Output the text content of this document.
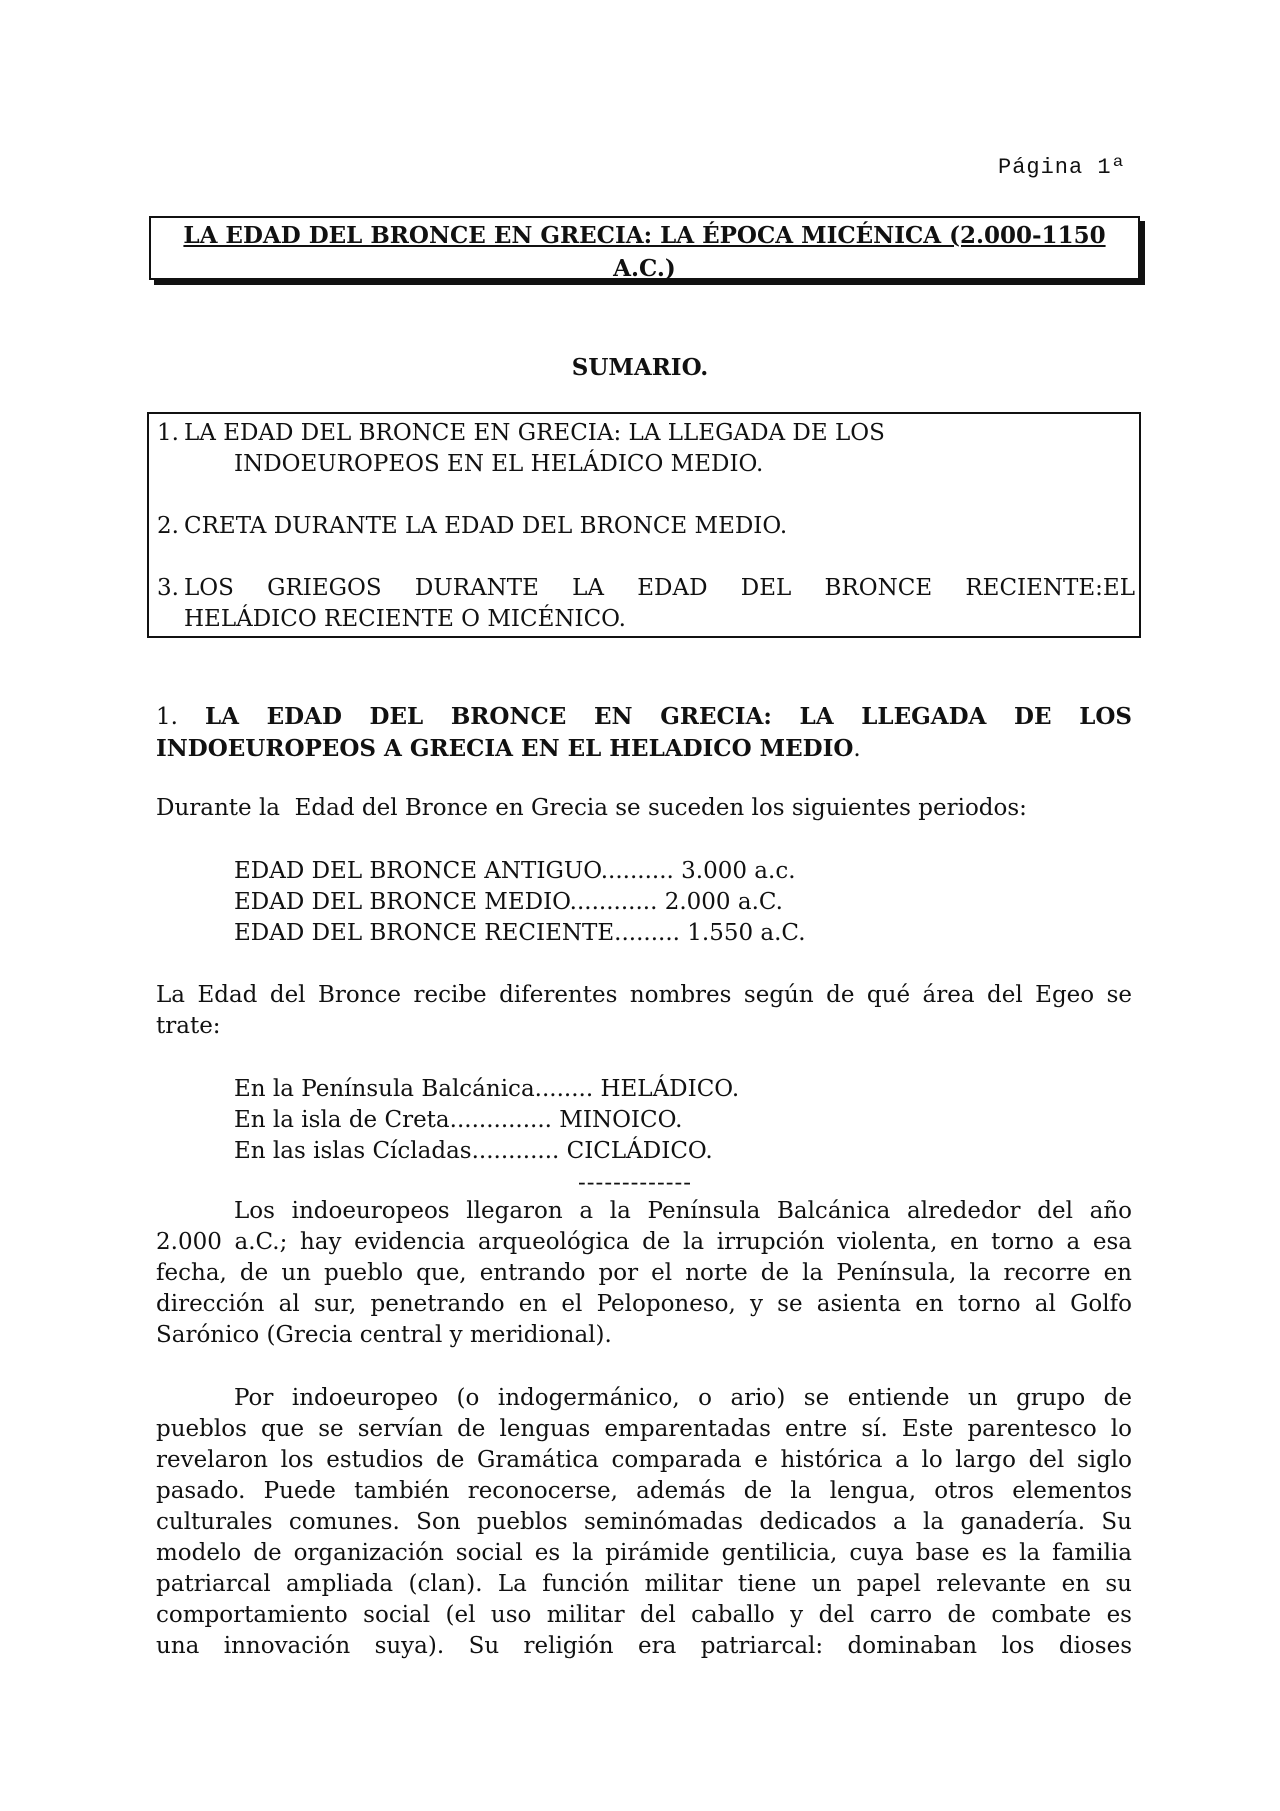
Página 1ª
LA EDAD DEL BRONCE EN GRECIA: LA ÉPOCA MICÉNICA (2.000-1150
A.C.)
SUMARIO.
1. LA EDAD DEL BRONCE EN GRECIA: LA LLEGADA DE LOS
INDOEUROPEOS EN EL HELÁDICO MEDIO.
2. CRETA DURANTE LA EDAD DEL BRONCE MEDIO.
3. LOS GRIEGOS DURANTE LA EDAD DEL BRONCE RECIENTE:EL
HELÁDICO RECIENTE O MICÉNICO.
1. LA EDAD DEL BRONCE EN GRECIA: LA LLEGADA DE LOS
INDOEUROPEOS A GRECIA EN EL HELADICO MEDIO.
Durante la  Edad del Bronce en Grecia se suceden los siguientes periodos:
EDAD DEL BRONCE ANTIGUO.......... 3.000 a.c.
EDAD DEL BRONCE MEDIO............ 2.000 a.C.
EDAD DEL BRONCE RECIENTE......... 1.550 a.C.
La Edad del Bronce recibe diferentes nombres según de qué área del Egeo se
trate:
En la Península Balcánica........ HELÁDICO.
En la isla de Creta.............. MINOICO.
En las islas Cícladas............ CICLÁDICO.
-------------
Los indoeuropeos llegaron a la Península Balcánica alrededor del año
2.000 a.C.; hay evidencia arqueológica de la irrupción violenta, en torno a esa
fecha, de un pueblo que, entrando por el norte de la Península, la recorre en
dirección al sur, penetrando en el Peloponeso, y se asienta en torno al Golfo
Sarónico (Grecia central y meridional).
Por indoeuropeo (o indogermánico, o ario) se entiende un grupo de
pueblos que se servían de lenguas emparentadas entre sí. Este parentesco lo
revelaron los estudios de Gramática comparada e histórica a lo largo del siglo
pasado. Puede también reconocerse, además de la lengua, otros elementos
culturales comunes. Son pueblos seminómadas dedicados a la ganadería. Su
modelo de organización social es la pirámide gentilicia, cuya base es la familia
patriarcal ampliada (clan). La función militar tiene un papel relevante en su
comportamiento social (el uso militar del caballo y del carro de combate es
una innovación suya). Su religión era patriarcal: dominaban los dioses
